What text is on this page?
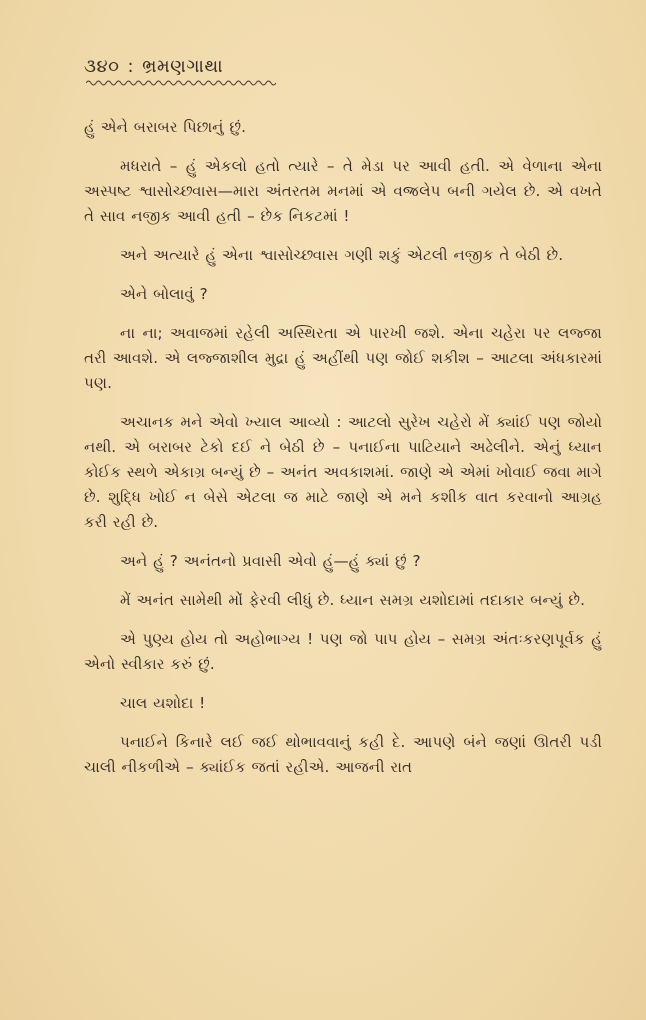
૩૪૦ : ભ્રમણગાથા

હું એને બરાબર પિછાનું છું.

મધરાતે – હું એકલો હતો ત્યારે – તે મેડા પર આવી હતી. એ વેળાના એના અસ્પષ્ટ શ્વાસોચ્છ્વાસ—મારા અંતરતમ મનમાં એ વજ્રલેપ બની ગયેલ છે. એ વખતે તે સાવ નજીક આવી હતી – છેક નિકટમાં !

અને અત્યારે હું એના શ્વાસોચ્છ્વાસ ગણી શકું એટલી નજીક તે બેઠી છે.

એને બોલાવું ?

ના ના; અવાજમાં રહેલી અસ્થિરતા એ પારખી જશે. એના ચહેરા પર લજ્જા તરી આવશે. એ લજ્જાશીલ મુદ્રા હું અહીંથી પણ જોઈ શકીશ – આટલા અંધકારમાં પણ.

અચાનક મને એવો ખ્યાલ આવ્યો : આટલો સુરેખ ચહેરો મેં ક્યાંઈ પણ જોયો નથી. એ બરાબર ટેકો દઈ ને બેઠી છે – પનાઈના પાટિયાને અઢેલીને. એનું ધ્યાન કોઈક સ્થળે એકાગ્ર બન્યું છે – અનંત અવકાશમાં. જાણે એ એમાં ખોવાઈ જવા માગે છે. શુદ્ધિ ખોઈ ન બેસે એટલા જ માટે જાણે એ મને કશીક વાત કરવાનો આગ્રહ કરી રહી છે.

અને હું ? અનંતનો પ્રવાસી એવો હું—હું ક્યાં છું ?

મેં અનંત સામેથી મોં ફેરવી લીધું છે. ધ્યાન સમગ્ર યશોદામાં તદાકાર બન્યું છે.

એ પુણ્ય હોય તો અહોભાગ્ય ! પણ જો પાપ હોય – સમગ્ર અંતઃકરણપૂર્વક હું એનો સ્વીકાર કરું છું.

ચાલ યશોદા !

પનાઈને કિનારે લઈ જઈ થોભાવવાનું કહી દે. આપણે બંને જણાં ઊતરી પડી ચાલી નીકળીએ – ક્યાંઈક જતાં રહીએ. આજની રાત
